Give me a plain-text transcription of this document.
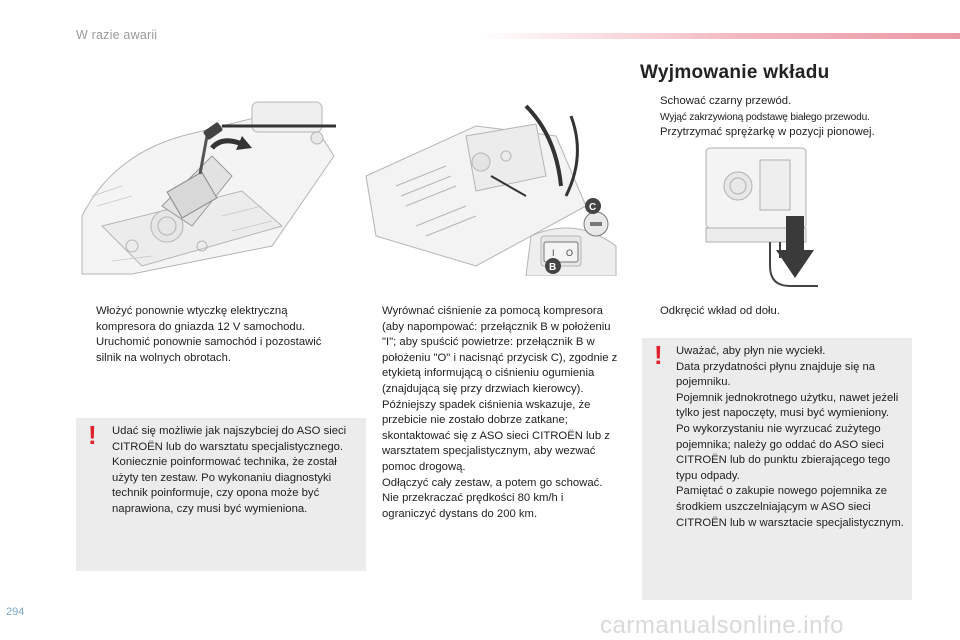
W razie awarii
Wyjmowanie wkładu
Schować czarny przewód.
Wyjąć zakrzywioną podstawę białego przewodu.
Przytrzymać sprężarkę w pozycji pionowej.
I O
C
B
Włożyć ponownie wtyczkę elektryczną kompresora do gniazda 12 V samochodu.
Uruchomić ponownie samochód i pozostawić silnik na wolnych obrotach.
Wyrównać ciśnienie za pomocą kompresora (aby napompować: przełącznik B w położeniu "I"; aby spuścić powietrze: przełącznik B w położeniu "O" i nacisnąć przycisk C), zgodnie z etykietą informującą o ciśnieniu ogumienia (znajdującą się przy drzwiach kierowcy). Późniejszy spadek ciśnienia wskazuje, że przebicie nie zostało dobrze zatkane; skontaktować się z ASO sieci CITROËN lub z warsztatem specjalistycznym, aby wezwać pomoc drogową.
Odłączyć cały zestaw, a potem go schować.
Nie przekraczać prędkości 80 km/h i ograniczyć dystans do 200 km.
Odkręcić wkład od dołu.
! Udać się możliwie jak najszybciej do ASO sieci CITROËN lub do warsztatu specjalistycznego.
Koniecznie poinformować technika, że został użyty ten zestaw. Po wykonaniu diagnostyki technik poinformuje, czy opona może być naprawiona, czy musi być wymieniona.
! Uważać, aby płyn nie wyciekł.
Data przydatności płynu znajduje się na pojemniku.
Pojemnik jednokrotnego użytku, nawet jeżeli tylko jest napoczęty, musi być wymieniony.
Po wykorzystaniu nie wyrzucać zużytego pojemnika; należy go oddać do ASO sieci CITROËN lub do punktu zbierającego tego typu odpady.
Pamiętać o zakupie nowego pojemnika ze środkiem uszczelniającym w ASO sieci CITROËN lub w warsztacie specjalistycznym.
294	carmanualsonline.info
